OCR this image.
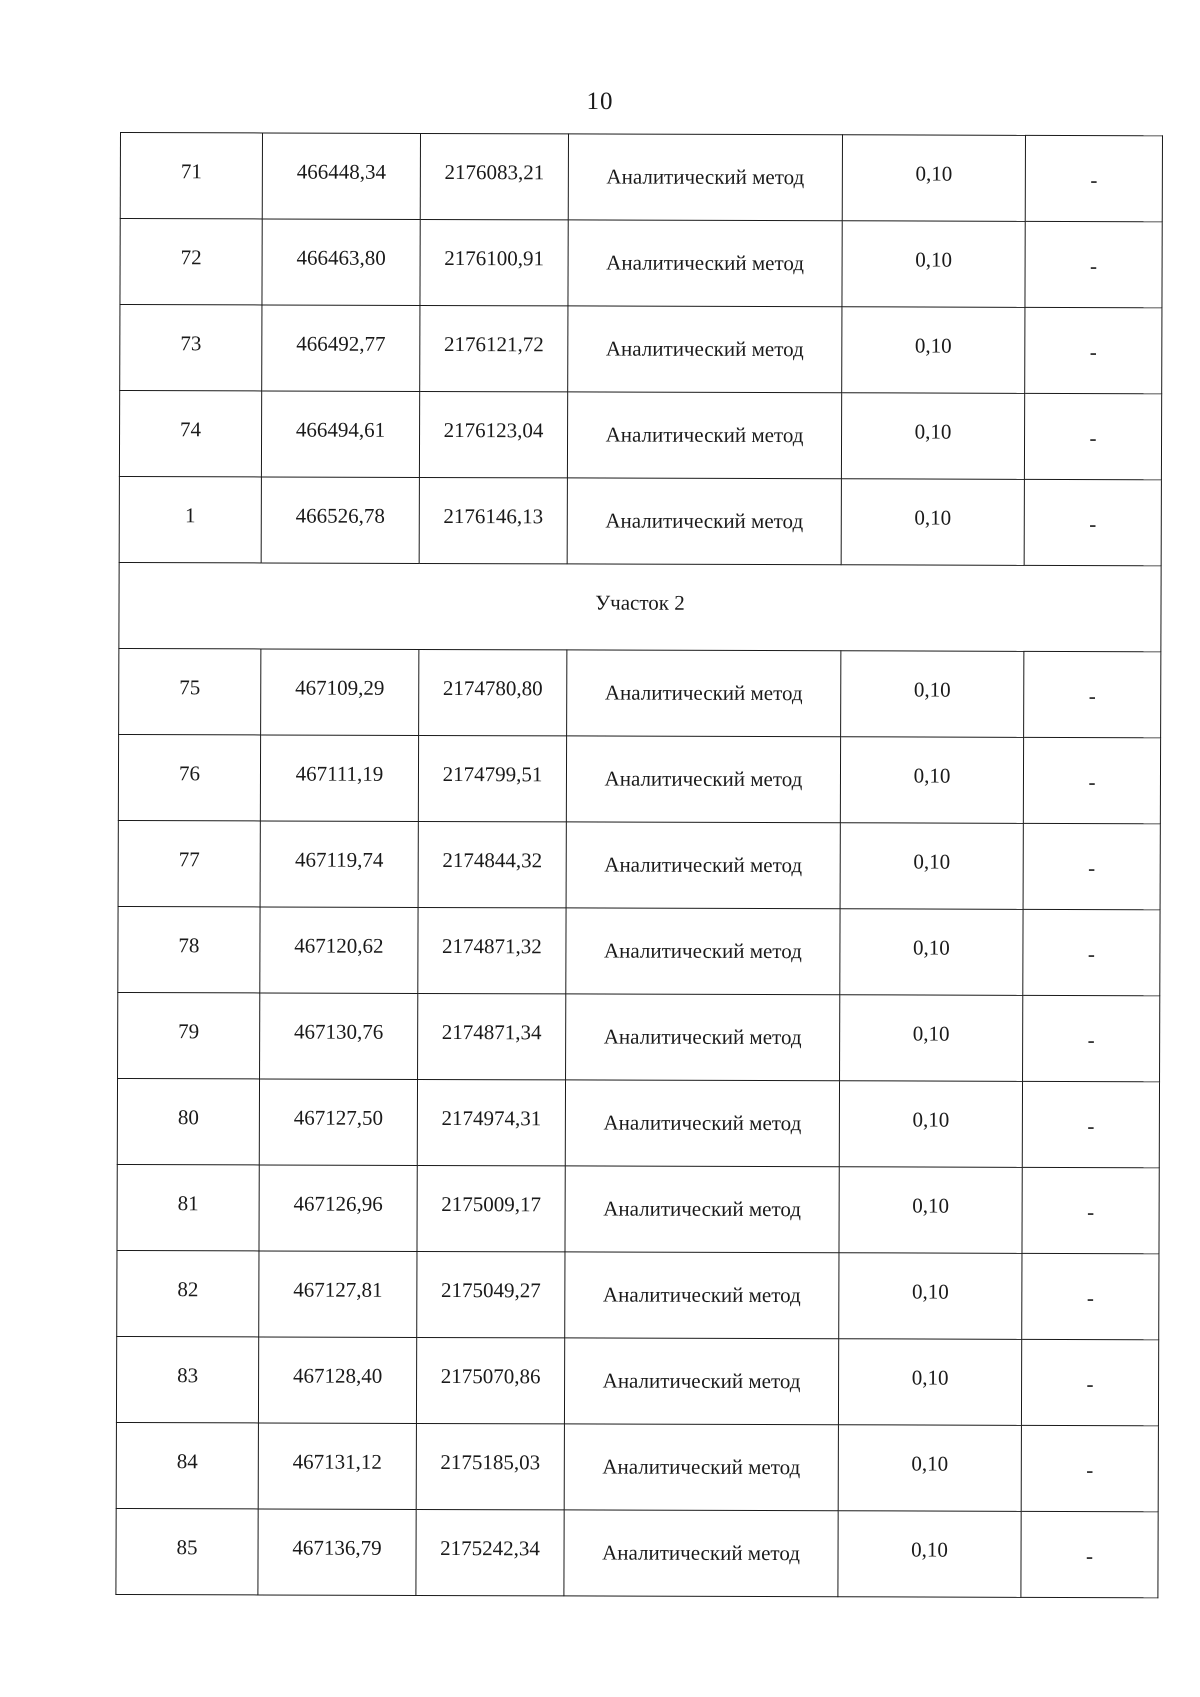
10
71	466448,34	2176083,21	Аналитический метод	0,10	-
72	466463,80	2176100,91	Аналитический метод	0,10	-
73	466492,77	2176121,72	Аналитический метод	0,10	-
74	466494,61	2176123,04	Аналитический метод	0,10	-
1	466526,78	2176146,13	Аналитический метод	0,10	-
Участок 2					
75	467109,29	2174780,80	Аналитический метод	0,10	-
76	467111,19	2174799,51	Аналитический метод	0,10	-
77	467119,74	2174844,32	Аналитический метод	0,10	-
78	467120,62	2174871,32	Аналитический метод	0,10	-
79	467130,76	2174871,34	Аналитический метод	0,10	-
80	467127,50	2174974,31	Аналитический метод	0,10	-
81	467126,96	2175009,17	Аналитический метод	0,10	-
82	467127,81	2175049,27	Аналитический метод	0,10	-
83	467128,40	2175070,86	Аналитический метод	0,10	-
84	467131,12	2175185,03	Аналитический метод	0,10	-
85	467136,79	2175242,34	Аналитический метод	0,10	-
